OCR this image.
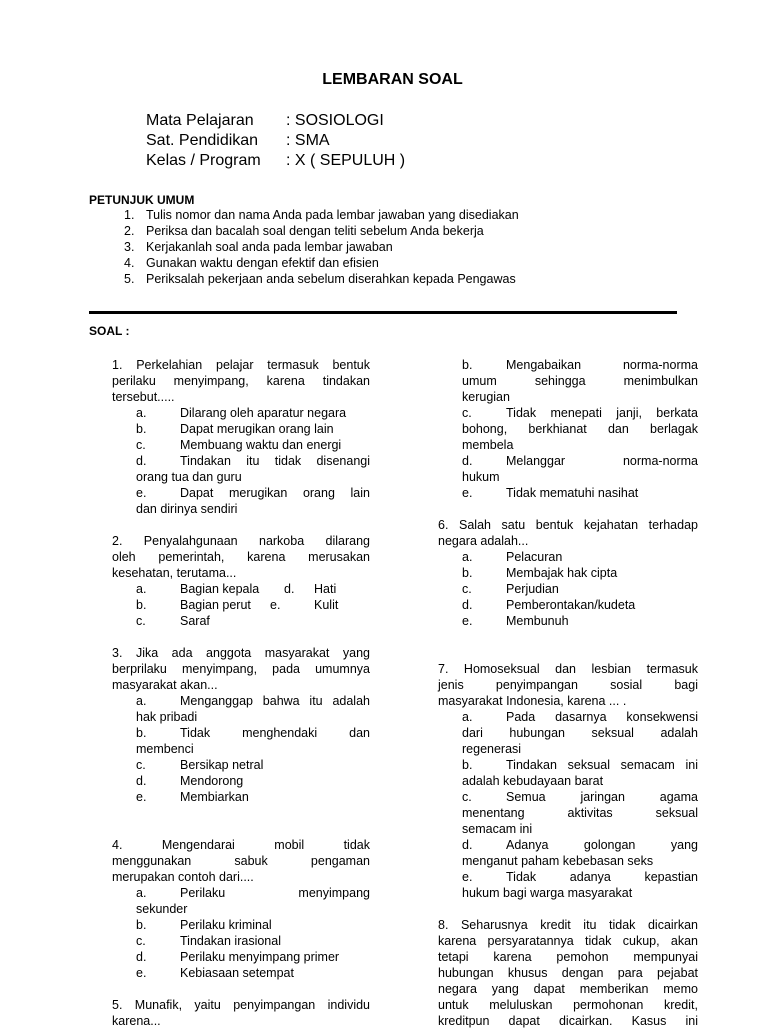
LEMBARAN SOAL
Mata Pelajaran : SOSIOLOGI
Sat. Pendidikan : SMA
Kelas / Program : X ( SEPULUH )
PETUNJUK UMUM
1. Tulis nomor dan nama Anda pada lembar jawaban yang disediakan
2. Periksa dan bacalah soal dengan teliti sebelum Anda bekerja
3. Kerjakanlah soal anda pada lembar jawaban
4. Gunakan waktu dengan efektif dan efisien
5. Periksalah pekerjaan anda sebelum diserahkan kepada Pengawas
SOAL :

1. Perkelahian pelajar termasuk bentuk

perilaku menyimpang, karena tindakan

tersebut.....

a.	Dilarang oleh aparatur negara
b.	Dapat merugikan orang lain
c.	Membuang waktu dan energi
d.	Tindakan itu tidak disenangi

orang tua dan guru

e.	Dapat merugikan orang lain

dan dirinya sendiri

2. Penyalahgunaan narkoba dilarang

oleh pemerintah, karena merusakan

kesehatan, terutama...

a.	Bagian kepala	d.	Hati
b.	Bagian perut	e.	Kulit
c.	Saraf

3. Jika ada anggota masyarakat yang

berprilaku menyimpang, pada umumnya

masyarakat akan...

a.	Menganggap bahwa itu adalah

hak pribadi

b.	Tidak menghendaki dan

membenci

c.	Bersikap netral
d.	Mendorong
e.	Membiarkan

4. Mengendarai mobil tidak

menggunakan sabuk pengaman

merupakan contoh dari....

a.	Perilaku menyimpang

sekunder

b.	Perilaku kriminal
c.	Tindakan irasional
d.	Perilaku menyimpang primer
e.	Kebiasaan setempat

5. Munafik, yaitu penyimpangan individu

karena...

b.	Mengabaikan norma-norma

umum sehingga menimbulkan

kerugian

c.	Tidak menepati janji, berkata

bohong, berkhianat dan berlagak

membela

d.	Melanggar norma-norma

hukum

e.	Tidak mematuhi nasihat

6. Salah satu bentuk kejahatan terhadap

negara adalah...

a.	Pelacuran
b.	Membajak hak cipta
c.	Perjudian
d.	Pemberontakan/kudeta
e.	Membunuh

7. Homoseksual dan lesbian termasuk

jenis penyimpangan sosial bagi

masyarakat Indonesia, karena ... .

a.	Pada dasarnya konsekwensi

dari hubungan seksual adalah

regenerasi

b.	Tindakan seksual semacam ini

adalah kebudayaan barat

c.	Semua jaringan agama

menentang aktivitas seksual

semacam ini

d.	Adanya golongan yang

menganut paham kebebasan seks

e.	Tidak adanya kepastian

hukum bagi warga masyarakat

8. Seharusnya kredit itu tidak dicairkan

karena persyaratannya tidak cukup, akan

tetapi karena pemohon mempunyai

hubungan khusus dengan para pejabat

negara yang dapat memberikan memo

untuk meluluskan permohonan kredit,

kreditpun dapat dicairkan. Kasus ini
